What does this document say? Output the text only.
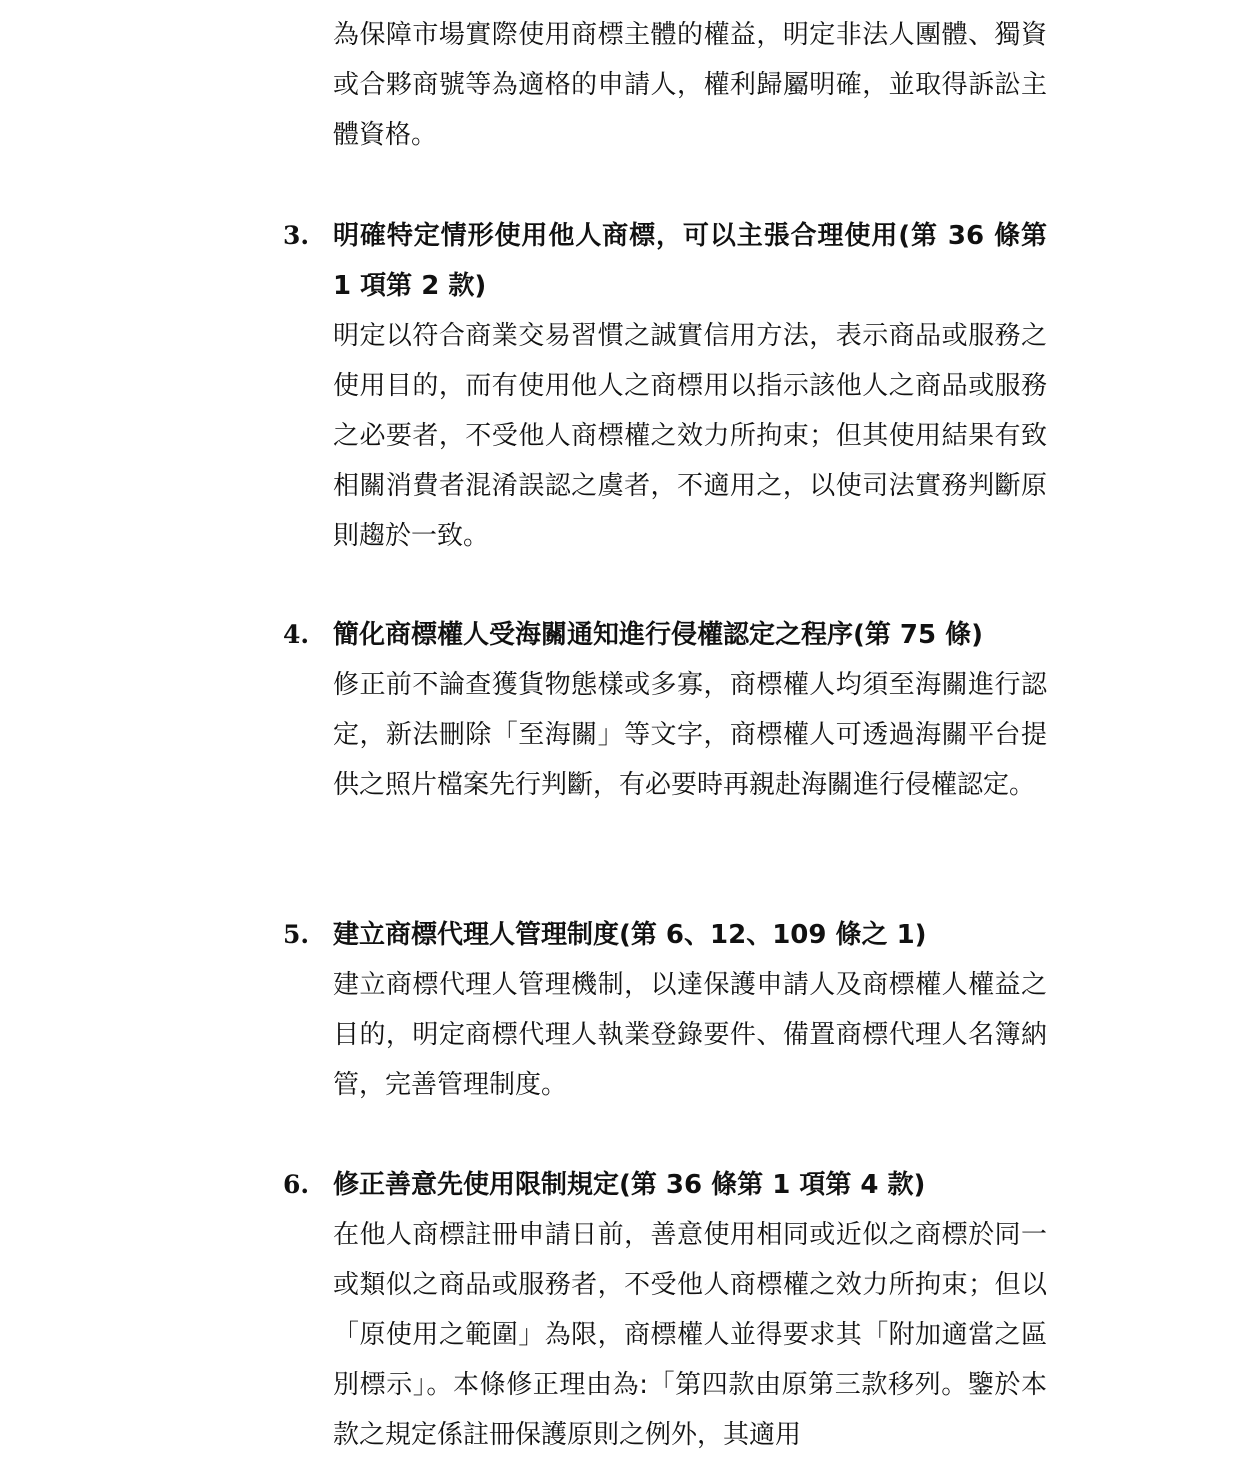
為保障市場實際使用商標主體的權益，明定非法人團體、獨資或合夥商號等為適格的申請人，權利歸屬明確，並取得訴訟主體資格。
3. 明確特定情形使用他人商標，可以主張合理使用(第 36 條第 1 項第 2 款)
明定以符合商業交易習慣之誠實信用方法，表示商品或服務之使用目的，而有使用他人之商標用以指示該他人之商品或服務之必要者，不受他人商標權之效力所拘束；但其使用結果有致相關消費者混淆誤認之虞者，不適用之，以使司法實務判斷原則趨於一致。
4. 簡化商標權人受海關通知進行侵權認定之程序(第 75 條)
修正前不論查獲貨物態樣或多寡，商標權人均須至海關進行認定，新法刪除「至海關」等文字，商標權人可透過海關平台提供之照片檔案先行判斷，有必要時再親赴海關進行侵權認定。
5. 建立商標代理人管理制度(第 6、12、109 條之 1)
建立商標代理人管理機制，以達保護申請人及商標權人權益之目的，明定商標代理人執業登錄要件、備置商標代理人名簿納管，完善管理制度。
6. 修正善意先使用限制規定(第 36 條第 1 項第 4 款)
在他人商標註冊申請日前，善意使用相同或近似之商標於同一或類似之商品或服務者，不受他人商標權之效力所拘束；但以「原使用之範圍」為限，商標權人並得要求其「附加適當之區別標示」。本條修正理由為:「第四款由原第三款移列。鑒於本款之規定係註冊保護原則之例外，其適用
